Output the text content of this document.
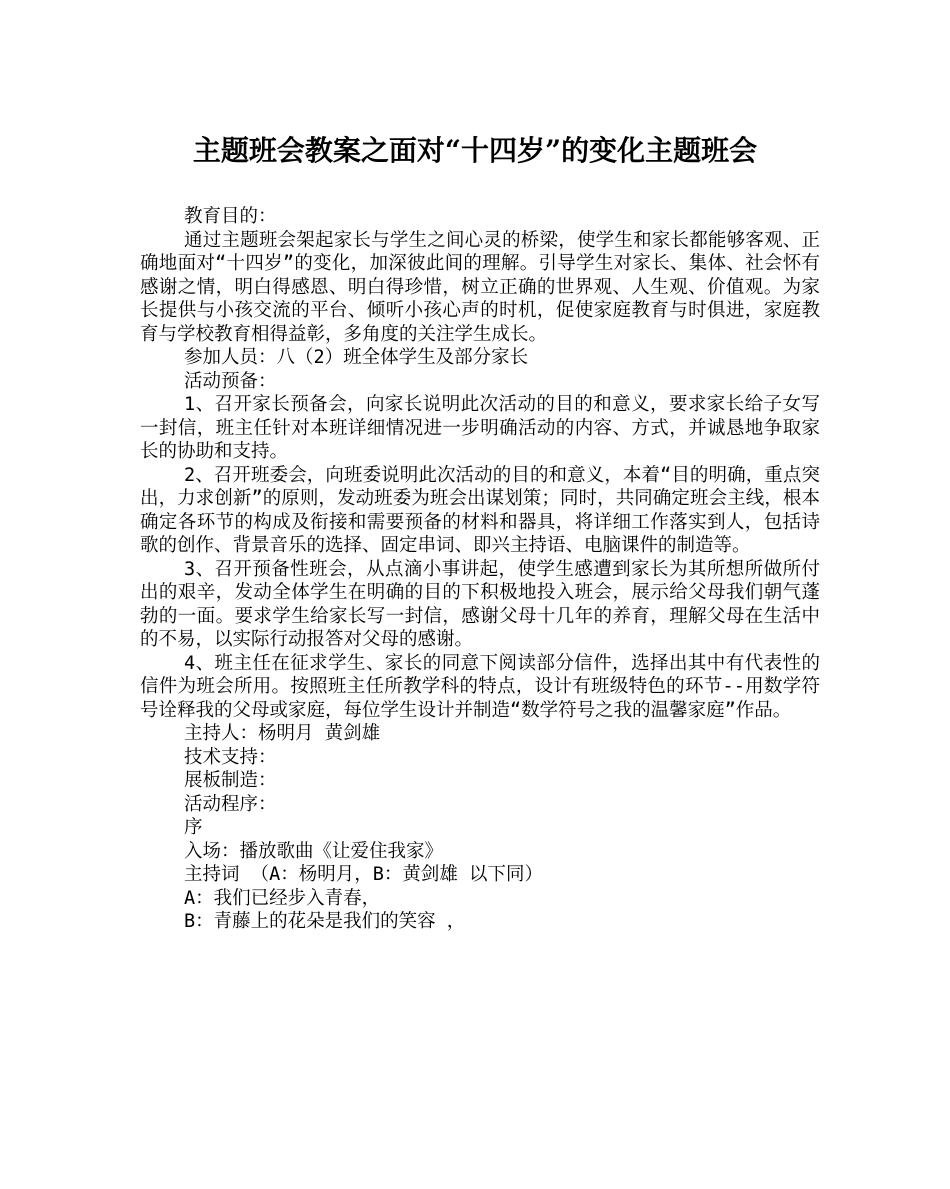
主题班会教案之面对“十四岁”的变化主题班会
教育目的：
通过主题班会架起家长与学生之间心灵的桥梁，使学生和家长都能够客观、正确地面对“十四岁”的变化，加深彼此间的理解。引导学生对家长、集体、社会怀有感谢之情，明白得感恩、明白得珍惜，树立正确的世界观、人生观、价值观。为家长提供与小孩交流的平台、倾听小孩心声的时机，促使家庭教育与时俱进，家庭教育与学校教育相得益彰，多角度的关注学生成长。
参加人员：八（2）班全体学生及部分家长
活动预备：
1、召开家长预备会，向家长说明此次活动的目的和意义，要求家长给子女写一封信，班主任针对本班详细情况进一步明确活动的内容、方式，并诚恳地争取家长的协助和支持。
2、召开班委会，向班委说明此次活动的目的和意义，本着“目的明确，重点突出，力求创新”的原则，发动班委为班会出谋划策；同时，共同确定班会主线，根本确定各环节的构成及衔接和需要预备的材料和器具，将详细工作落实到人，包括诗歌的创作、背景音乐的选择、固定串词、即兴主持语、电脑课件的制造等。
3、召开预备性班会，从点滴小事讲起，使学生感遭到家长为其所想所做所付出的艰辛，发动全体学生在明确的目的下积极地投入班会，展示给父母我们朝气蓬勃的一面。要求学生给家长写一封信，感谢父母十几年的养育，理解父母在生活中的不易，以实际行动报答对父母的感谢。
4、班主任在征求学生、家长的同意下阅读部分信件，选择出其中有代表性的信件为班会所用。按照班主任所教学科的特点，设计有班级特色的环节--用数学符号诠释我的父母或家庭，每位学生设计并制造“数学符号之我的温馨家庭”作品。
主持人：杨明月 黄剑雄
技术支持：
展板制造：
活动程序：
序
入场：播放歌曲《让爱住我家》
主持词 （A：杨明月，B：黄剑雄 以下同）
A：我们已经步入青春，
B：青藤上的花朵是我们的笑容 ，
